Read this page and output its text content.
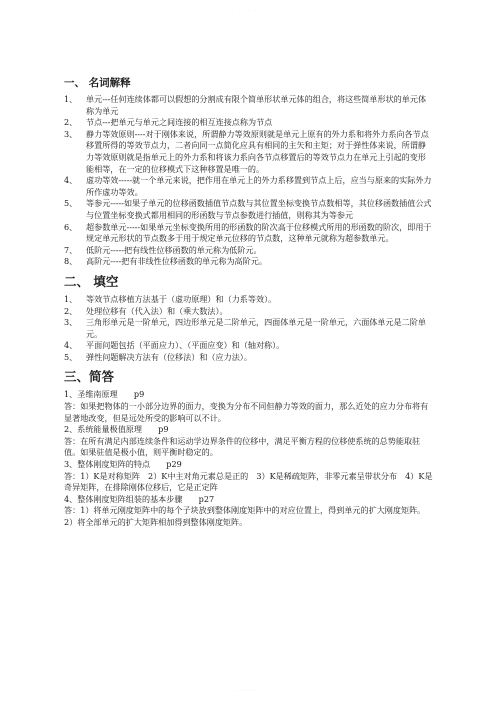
· · · ·
一、 名词解释
1、 单元---任何连续体都可以假想的分割成有限个简单形状单元体的组合，将这些简单形状的单元体称为单元
2、 节点---把单元与单元之间连接的相互连接点称为节点
3、 静力等效原则----对于刚体来说，所谓静力等效原则就是单元上原有的外力系和将外力系向各节点移置所得的等效节点力，二者向同一点简化应具有相同的主矢和主矩；对于弹性体来说，所谓静力等效原则就是指单元上的外力系和将该力系向各节点移置后的等效节点力在单元上引起的变形能相等，在一定的位移模式下这种移置是唯一的。
4、 虚功等效-----就一个单元来说，把作用在单元上的外力系移置到节点上后，应当与原来的实际外力所作虚功等效。
5、 等参元-----如果子单元的位移函数插值节点数与其位置坐标变换节点数相等，其位移函数插值公式与位置坐标变换式都用相同的形函数与节点参数进行插值，则称其为等参元
6、 超参数单元-----如果单元坐标变换所用的形函数的阶次高于位移模式所用的形函数的阶次，即用于规定单元形状的节点数多于用于规定单元位移的节点数，这种单元就称为超参数单元。
7、 低阶元-----把有线性位移函数的单元称为低阶元。
8、 高阶元----把有非线性位移函数的单元称为高阶元。
二、 填空
1、 等效节点移植方法基于（虚功原理）和（力系等效）。
2、 处理位移有（代入法）和（乘大数法）。
3、 三角形单元是一阶单元，四边形单元是二阶单元，四面体单元是一阶单元，六面体单元是二阶单元。
4、 平面问题包括（平面应力）、（平面应变）和（轴对称）。
5、 弹性问题解决方法有（位移法）和（应力法）。
三、简答

1、圣维南原理　　p9

答：如果把物体的一小部分边界的面力，变换为分布不同但静力等效的面力，那么近处的应力分布将有显著地改变，但是远处所受的影响可以不计。

2、系统能量极值原理　　p9

答：在所有满足内部连续条件和运动学边界条件的位移中，满足平衡方程的位移使系统的总势能取驻值。如果驻值是极小值，则平衡时稳定的。

3、整体刚度矩阵的特点　　p29

答：1）K是对称矩阵　2）K中主对角元素总是正的　3）K是稀疏矩阵，非零元素呈带状分布　4）K是奇异矩阵，在排除刚体位移后，它是正定阵

4、整体刚度矩阵组装的基本步骤　　p27

答：1）将单元刚度矩阵中的每个子块放到整体刚度矩阵中的对应位置上，得到单元的扩大刚度矩阵。

2）将全部单元的扩大矩阵相加得到整体刚度矩阵。

· · · · · · · ·
